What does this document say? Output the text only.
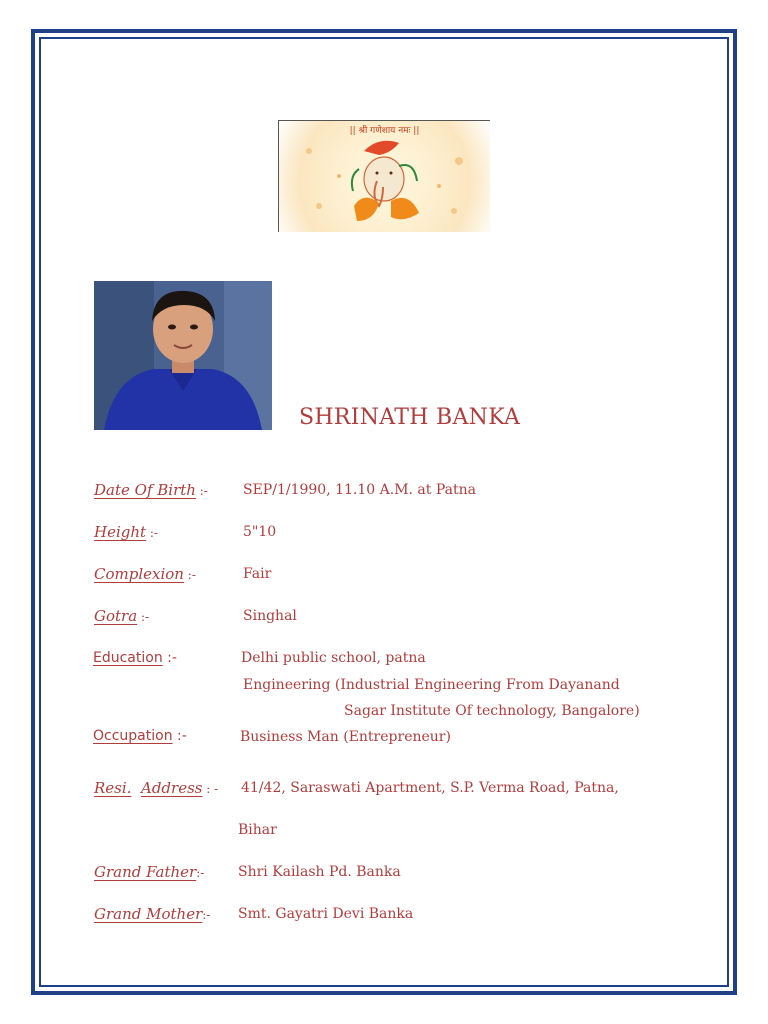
|| श्री गणेशाय नमः ||
SHRINATH BANKA
Date Of Birth :-	SEP/1/1990, 11.10 A.M. at Patna
Height :-	5"10
Complexion :-	Fair
Gotra :-	Singhal
Education :-	Delhi public school, patna
Engineering (Industrial Engineering From Dayanand
Sagar Institute Of technology, Bangalore)
Occupation :-	Business Man (Entrepreneur)
Resi. Address : - 41/42, Saraswati Apartment, S.P. Verma Road, Patna,
Bihar
Grand Father:- Shri Kailash Pd. Banka
Grand Mother:- Smt. Gayatri Devi Banka
